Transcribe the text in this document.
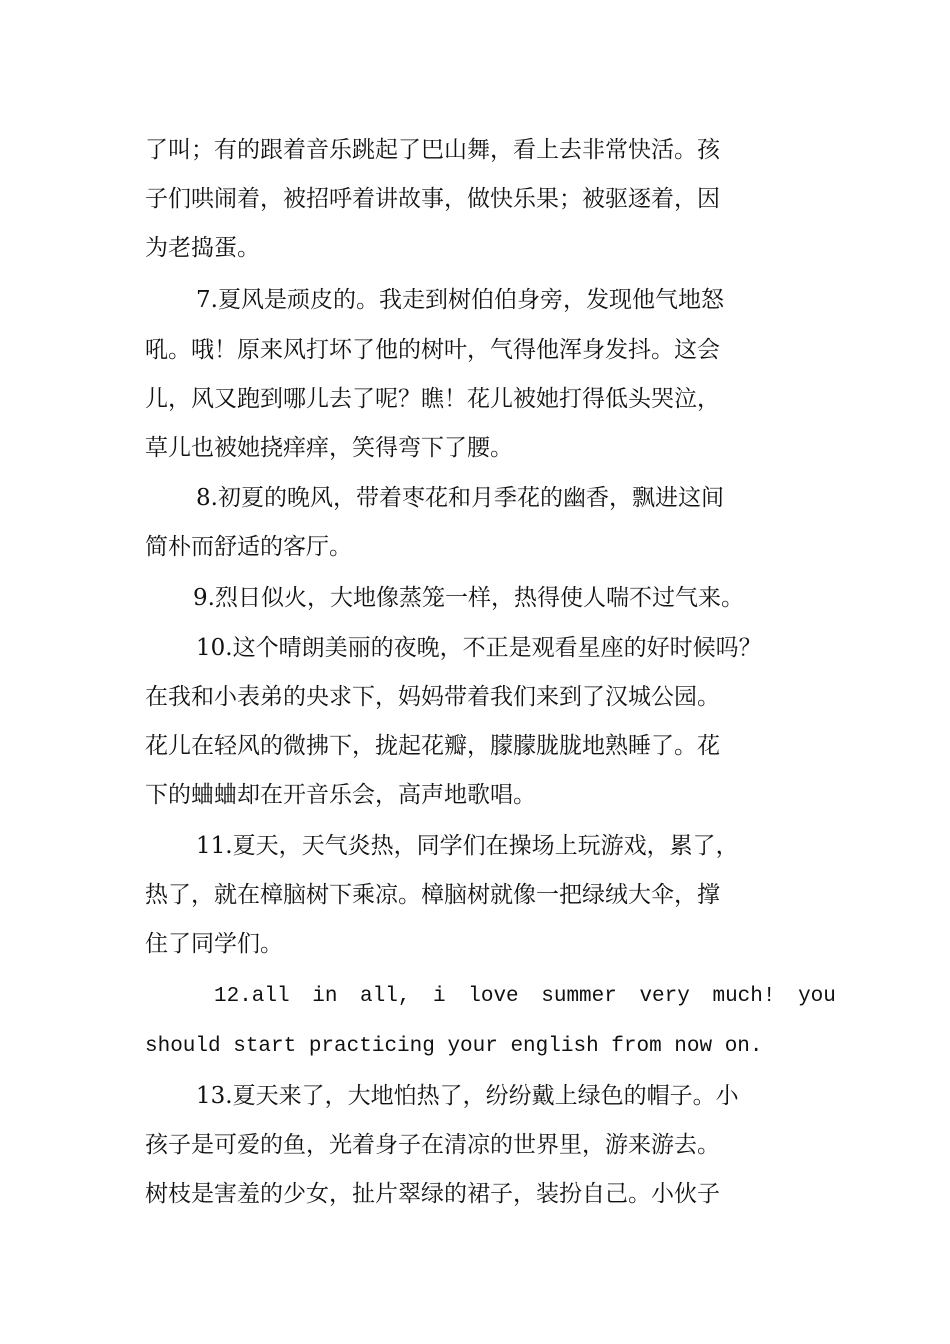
了叫；有的跟着音乐跳起了巴山舞，看上去非常快活。孩
子们哄闹着，被招呼着讲故事，做快乐果；被驱逐着，因
为老捣蛋。
7.夏风是顽皮的。我走到树伯伯身旁，发现他气地怒
吼。哦！原来风打坏了他的树叶，气得他浑身发抖。这会
儿，风又跑到哪儿去了呢？瞧！花儿被她打得低头哭泣，
草儿也被她挠痒痒，笑得弯下了腰。
8.初夏的晚风，带着枣花和月季花的幽香，飘进这间
简朴而舒适的客厅。
9.烈日似火，大地像蒸笼一样，热得使人喘不过气来。
10.这个晴朗美丽的夜晚，不正是观看星座的好时候吗？
在我和小表弟的央求下，妈妈带着我们来到了汉城公园。
花儿在轻风的微拂下，拢起花瓣，朦朦胧胧地熟睡了。花
下的蛐蛐却在开音乐会，高声地歌唱。
11.夏天，天气炎热，同学们在操场上玩游戏，累了，
热了，就在樟脑树下乘凉。樟脑树就像一把绿绒大伞，撑
住了同学们。
12.all in all, i love summer very much! you
should start practicing your english from now on.
13.夏天来了，大地怕热了，纷纷戴上绿色的帽子。小
孩子是可爱的鱼，光着身子在清凉的世界里，游来游去。
树枝是害羞的少女，扯片翠绿的裙子，装扮自己。小伙子
